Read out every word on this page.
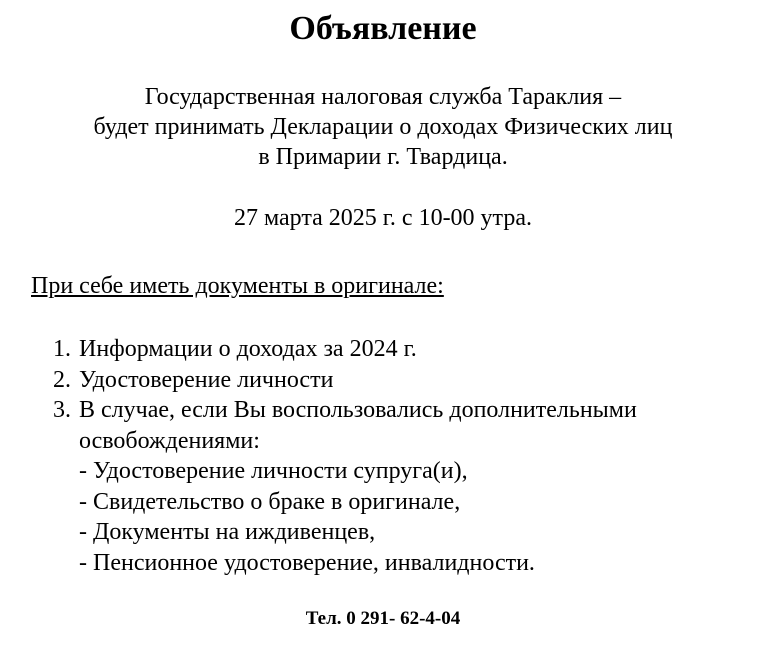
Объявление
Государственная налоговая служба Тараклия –
будет принимать Декларации о доходах Физических лиц
в Примарии г. Твардица.
27 марта 2025 г. с 10-00 утра.
При себе иметь документы в оригинале:
1. Информации о доходах за 2024 г.
2. Удостоверение личности
3. В случае, если Вы воспользовались дополнительными
освобождениями:
- Удостоверение личности супруга(и),
- Свидетельство о браке в оригинале,
- Документы на иждивенцев,
- Пенсионное удостоверение, инвалидности.
Тел. 0 291- 62-4-04
